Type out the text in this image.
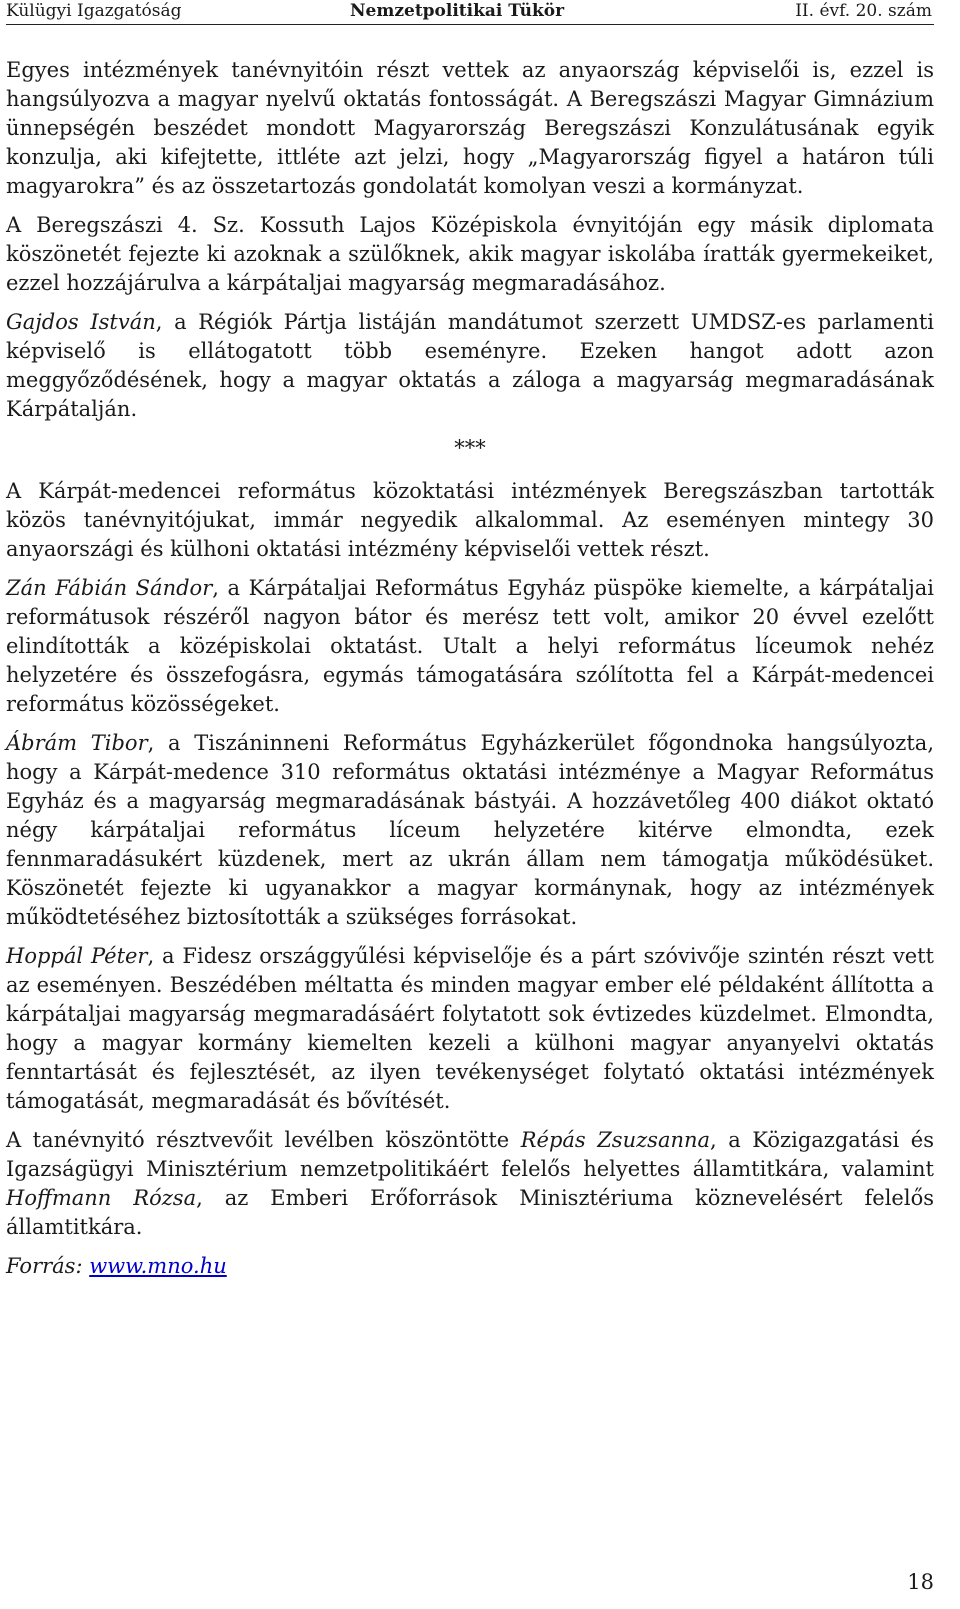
Külügyi Igazgatóság	Nemzetpolitikai Tükör	II. évf. 20. szám

Egyes intézmények tanévnyitóin részt vettek az anyaország képviselői is, ezzel is hangsúlyozva a magyar nyelvű oktatás fontosságát. A Beregszászi Magyar Gimnázium ünnepségén beszédet mondott Magyarország Beregszászi Konzulátusának egyik konzulja, aki kifejtette, ittléte azt jelzi, hogy „Magyarország figyel a határon túli magyarokra” és az összetartozás gondolatát komolyan veszi a kormányzat.

A Beregszászi 4. Sz. Kossuth Lajos Középiskola évnyitóján egy másik diplomata köszönetét fejezte ki azoknak a szülőknek, akik magyar iskolába íratták gyermekeiket, ezzel hozzájárulva a kárpátaljai magyarság megmaradásához.

Gajdos István, a Régiók Pártja listáján mandátumot szerzett UMDSZ-es parlamenti képviselő is ellátogatott több eseményre. Ezeken hangot adott azon meggyőződésének, hogy a magyar oktatás a záloga a magyarság megmaradásának Kárpátalján.

***

A Kárpát-medencei református közoktatási intézmények Beregszászban tartották közös tanévnyitójukat, immár negyedik alkalommal. Az eseményen mintegy 30 anyaországi és külhoni oktatási intézmény képviselői vettek részt.

Zán Fábián Sándor, a Kárpátaljai Református Egyház püspöke kiemelte, a kárpátaljai reformátusok részéről nagyon bátor és merész tett volt, amikor 20 évvel ezelőtt elindították a középiskolai oktatást. Utalt a helyi református líceumok nehéz helyzetére és összefogásra, egymás támogatására szólította fel a Kárpát-medencei református közösségeket.

Ábrám Tibor, a Tiszáninneni Református Egyházkerület főgondnoka hangsúlyozta, hogy a Kárpát-medence 310 református oktatási intézménye a Magyar Református Egyház és a magyarság megmaradásának bástyái. A hozzávetőleg 400 diákot oktató négy kárpátaljai református líceum helyzetére kitérve elmondta, ezek fennmaradásukért küzdenek, mert az ukrán állam nem támogatja működésüket. Köszönetét fejezte ki ugyanakkor a magyar kormánynak, hogy az intézmények működtetéséhez biztosították a szükséges forrásokat.

Hoppál Péter, a Fidesz országgyűlési képviselője és a párt szóvivője szintén részt vett az eseményen. Beszédében méltatta és minden magyar ember elé példaként állította a kárpátaljai magyarság megmaradásáért folytatott sok évtizedes küzdelmet. Elmondta, hogy a magyar kormány kiemelten kezeli a külhoni magyar anyanyelvi oktatás fenntartását és fejlesztését, az ilyen tevékenységet folytató oktatási intézmények támogatását, megmaradását és bővítését.

A tanévnyitó résztvevőit levélben köszöntötte Répás Zsuzsanna, a Közigazgatási és Igazságügyi Minisztérium nemzetpolitikáért felelős helyettes államtitkára, valamint Hoffmann Rózsa, az Emberi Erőforrások Minisztériuma köznevelésért felelős államtitkára.

Forrás: www.mno.hu

18
